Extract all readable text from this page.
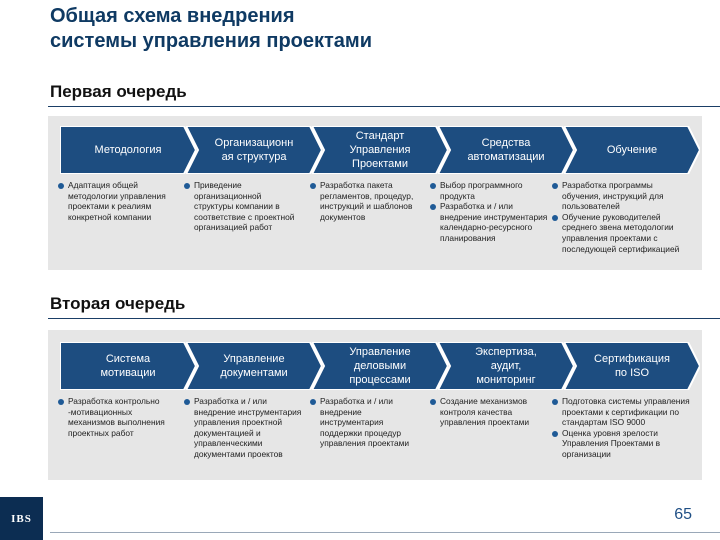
Общая схема внедрения
системы управления проектами
Первая очередь
Методология
Организационн
ая структура
Стандарт
Управления
Проектами
Средства
автоматизации
Обучение
Адаптация общей методологии управления проектами к реалиям конкретной компании
Приведение организационной структуры компании в соответствие с проектной организацией работ
Разработка пакета регламентов, процедур, инструкций и шаблонов документов
Выбор программного продукта
Разработка и / или внедрение инструментария календарно-ресурсного планирования
Разработка программы обучения, инструкций для пользователей
Обучение руководителей среднего звена методологии управления проектами с последующей сертификацией
Вторая очередь
Система
мотивации
Управление
документами
Управление
деловыми
процессами
Экспертиза,
аудит,
мониторинг
Сертификация
по ISO
Разработка контрольно -мотивационных механизмов выполнения проектных работ
Разработка и / или внедрение инструментария управления проектной документацией и управленческими документами проектов
Разработка и / или внедрение инструментария поддержки процедур управления проектами
Создание механизмов контроля качества управления проектами
Подготовка системы управления проектами к сертификации по стандартам ISO 9000
Оценка уровня зрелости Управления Проектами в организации
IBS	65
